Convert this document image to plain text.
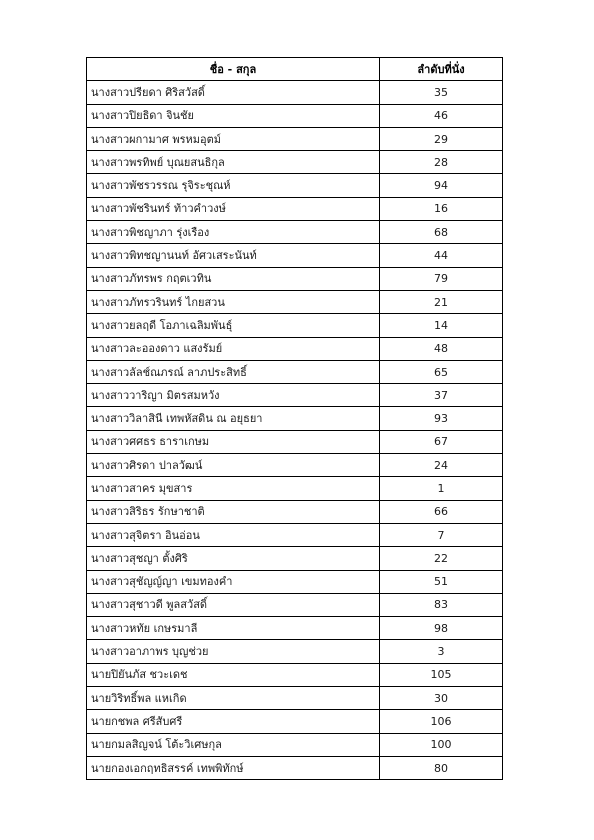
ชื่อ - สกุล	ลำดับที่นั่ง
นางสาวปรียดา ศิริสวัสดิ์	35
นางสาวปิยธิดา จินชัย	46
นางสาวผกามาศ พรหมอุตม์	29
นางสาวพรทิพย์ บุณยสนธิกุล	28
นางสาวพัชรวรรณ รุจิระชุณห์	94
นางสาวพัชรินทร์ ท้าวคำวงษ์	16
นางสาวพิชญาภา รุ่งเรือง	68
นางสาวพิทชญานนท์ อัศวเสระนันท์	44
นางสาวภัทรพร กฤตเวทิน	79
นางสาวภัทรวรินทร์ ไกยสวน	21
นางสาวยลฤดี โอภาเฉลิมพันธุ์	14
นางสาวละอองดาว แสงรัมย์	48
นางสาวลัลช์ณภรณ์ ลาภประสิทธิ์	65
นางสาววาริญา มิตรสมหวัง	37
นางสาววิลาสินี เทพหัสดิน ณ อยุธยา	93
นางสาวศศธร ธาราเกษม	67
นางสาวศิรดา ปาลวัฒน์	24
นางสาวสาคร มุขสาร	1
นางสาวสิริธร รักษาชาติ	66
นางสาวสุจิตรา อินอ่อน	7
นางสาวสุชญา ตั้งศิริ	22
นางสาวสุชัญญ์ญา เขมทองคำ	51
นางสาวสุชาวดี พูลสวัสดิ์	83
นางสาวหทัย เกษรมาลี	98
นางสาวอาภาพร บุญช่วย	3
นายปิยันภัส ชวะเดช	105
นายวิริทธิ์พล แหเกิด	30
นายกชพล ศรีสับศรี	106
นายกมลสิญจน์ โต้ะวิเศษกุล	100
นายกองเอกฤทธิสรรค์ เทพพิทักษ์	80
